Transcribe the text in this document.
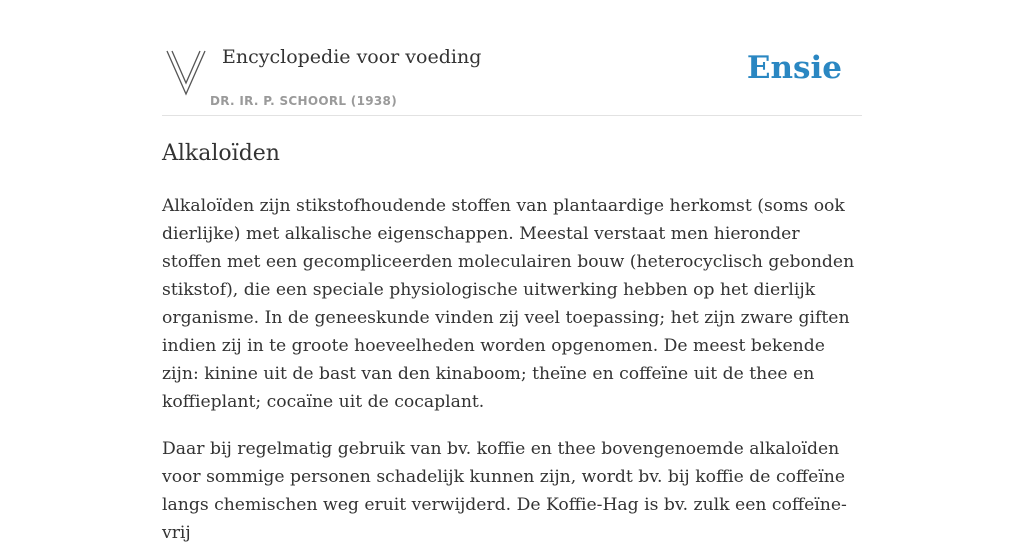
Encyclopedie voor voeding
DR. IR. P. SCHOORL (1938)
Ensie
Alkaloïden

Alkaloïden zijn stikstofhoudende stoffen van plantaardige herkomst (soms ook dierlijke) met alkalische eigenschappen. Meestal verstaat men hieronder stoffen met een gecompliceerden moleculairen bouw (heterocyclisch gebonden stikstof), die een speciale physiologische uitwerking hebben op het dierlijk organisme. In de geneeskunde vinden zij veel toepassing; het zijn zware giften indien zij in te groote hoeveelheden worden opgenomen. De meest bekende zijn: kinine uit de bast van den kinaboom; theïne en coffeïne uit de thee en koffieplant; cocaïne uit de cocaplant.

Daar bij regelmatig gebruik van bv. koffie en thee bovengenoemde alkaloïden voor sommige personen schadelijk kunnen zijn, wordt bv. bij koffie de coffeïne langs chemischen weg eruit verwijderd. De Koffie-Hag is bv. zulk een coffeïne-vrij
